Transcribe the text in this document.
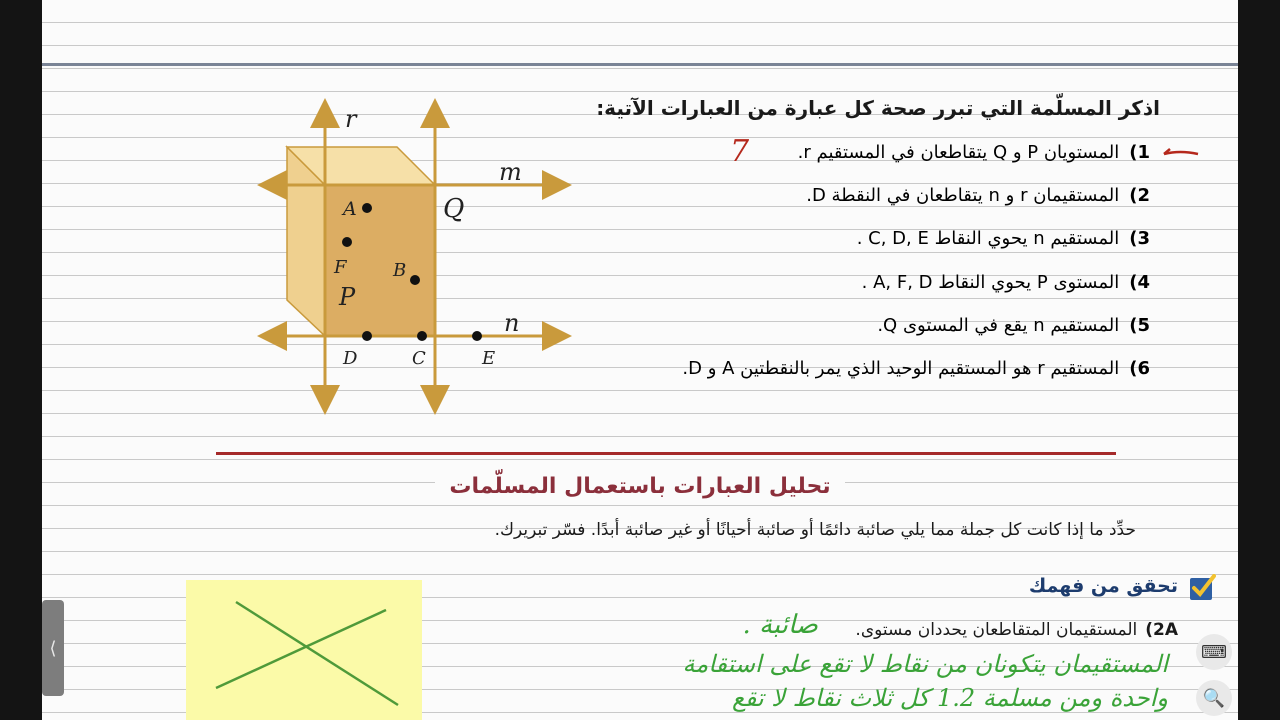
r
m
n
A	Q
F	B
P
D	C	E
اذكر المسلّمة التي تبرر صحة كل عبارة من العبارات الآتية:
1)المستويان P و Q يتقاطعان في المستقيم r.
2)المستقيمان r و n يتقاطعان في النقطة D.
3)المستقيم n يحوي النقاط C, D, E .
4)المستوى P يحوي النقاط A, F, D .
5)المستقيم n يقع في المستوى Q.
6)المستقيم r هو المستقيم الوحيد الذي يمر بالنقطتين A و D.
7
تحليل العبارات باستعمال المسلّمات
حدِّد ما إذا كانت كل جملة مما يلي صائبة دائمًا أو صائبة أحيانًا أو غير صائبة أبدًا. فسّر تبريرك.
تحقق من فهمك
2A)المستقيمان المتقاطعان يحددان مستوى.
صائبة .
المستقيمان يتكونان من نقاط لا تقع على استقامة
واحدة ومن مسلمة 1.2 كل ثلاث نقاط لا تقع
⟨	⌨
🔍
